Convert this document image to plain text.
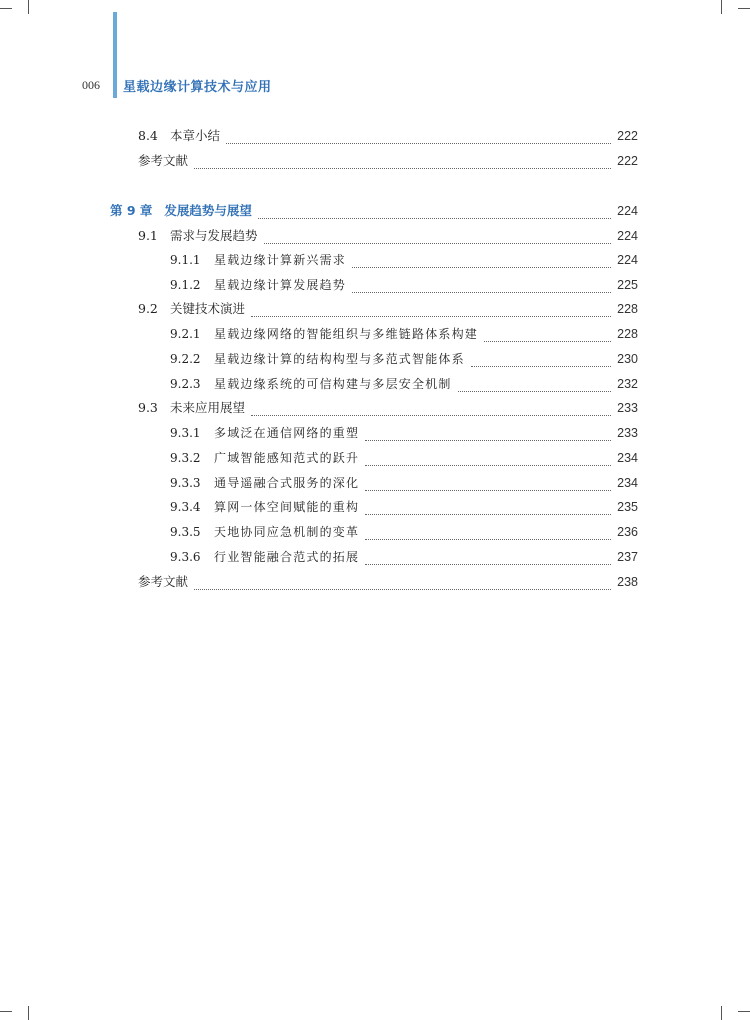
006 星载边缘计算技术与应用
8.4 本章小结	222
参考文献	222
第 9 章 发展趋势与展望	224
9.1 需求与发展趋势	224
9.1.1 星载边缘计算新兴需求	224
9.1.2 星载边缘计算发展趋势	225
9.2 关键技术演进	228
9.2.1 星载边缘网络的智能组织与多维链路体系构建	228
9.2.2 星载边缘计算的结构构型与多范式智能体系	230
9.2.3 星载边缘系统的可信构建与多层安全机制	232
9.3 未来应用展望	233
9.3.1 多域泛在通信网络的重塑	233
9.3.2 广域智能感知范式的跃升	234
9.3.3 通导遥融合式服务的深化	234
9.3.4 算网一体空间赋能的重构	235
9.3.5 天地协同应急机制的变革	236
9.3.6 行业智能融合范式的拓展	237
参考文献	238
